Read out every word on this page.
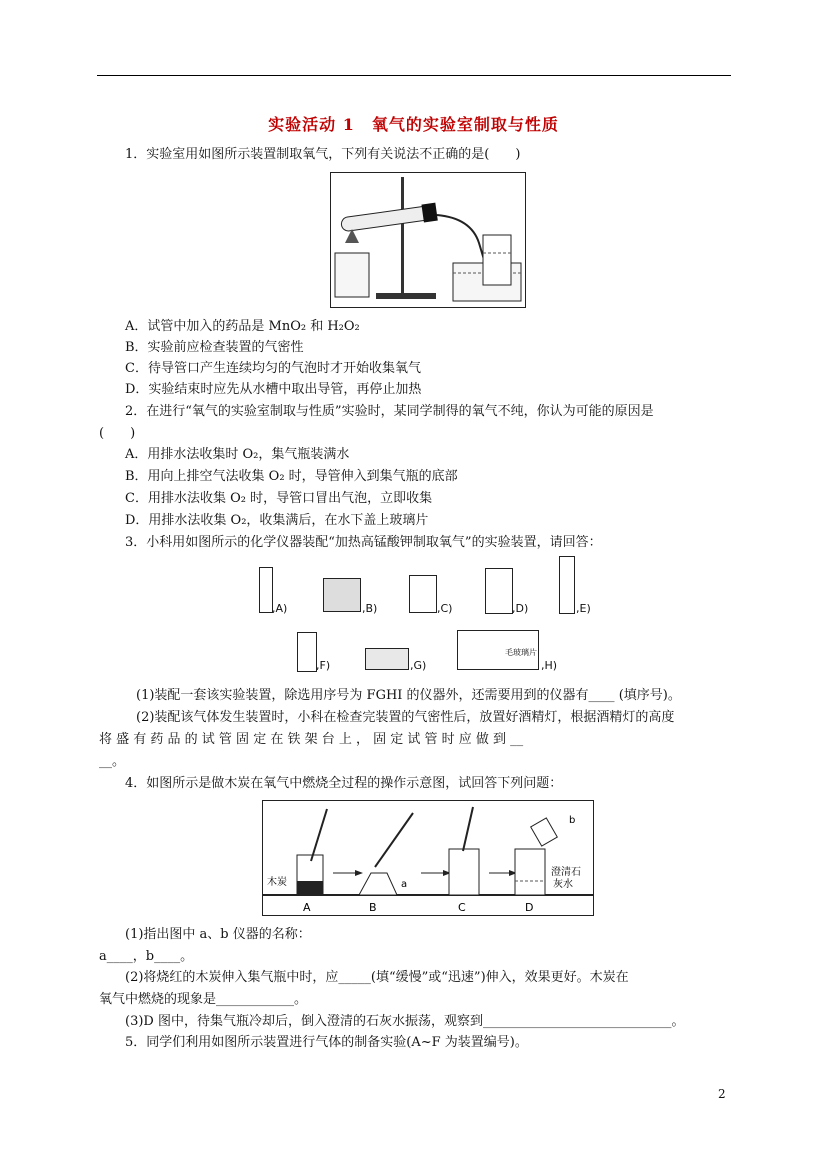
实验活动 1　氧气的实验室制取与性质
1．实验室用如图所示装置制取氧气，下列有关说法不正确的是(　　)
A．试管中加入的药品是 MnO₂ 和 H₂O₂
B．实验前应检查装置的气密性
C．待导管口产生连续均匀的气泡时才开始收集氧气
D．实验结束时应先从水槽中取出导管，再停止加热
2．在进行“氧气的实验室制取与性质”实验时，某同学制得的氧气不纯，你认为可能的原因是
(　　)
A．用排水法收集时 O₂，集气瓶装满水
B．用向上排空气法收集 O₂ 时，导管伸入到集气瓶的底部
C．用排水法收集 O₂ 时，导管口冒出气泡，立即收集
D．用排水法收集 O₂，收集满后，在水下盖上玻璃片
3．小科用如图所示的化学仪器装配“加热高锰酸钾制取氧气”的实验装置，请回答：
,A)	,B)	,C)	,D)	,E)
,F)	,G)
毛玻璃片
,H)
(1)装配一套该实验装置，除选用序号为 FGHI 的仪器外，还需要用到的仪器有____ (填序号)。
(2)装配该气体发生装置时，小科在检查完装置的气密性后，放置好酒精灯，根据酒精灯的高度
将 盛 有 药 品 的 试 管 固 定 在 铁 架 台 上 ， 固 定 试 管 时 应 做 到 __
__。
4．如图所示是做木炭在氧气中燃烧全过程的操作示意图，试回答下列问题：
木炭	a
b
澄清石
灰水
A	B	C	D
(1)指出图中 a、b 仪器的名称：
a____，b____。
(2)将烧红的木炭伸入集气瓶中时，应_____(填“缓慢”或“迅速”)伸入，效果更好。木炭在
氧气中燃烧的现象是____________。
(3)D 图中，待集气瓶冷却后，倒入澄清的石灰水振荡，观察到_____________________________。
5．同学们利用如图所示装置进行气体的制备实验(A~F 为装置编号)。
2
